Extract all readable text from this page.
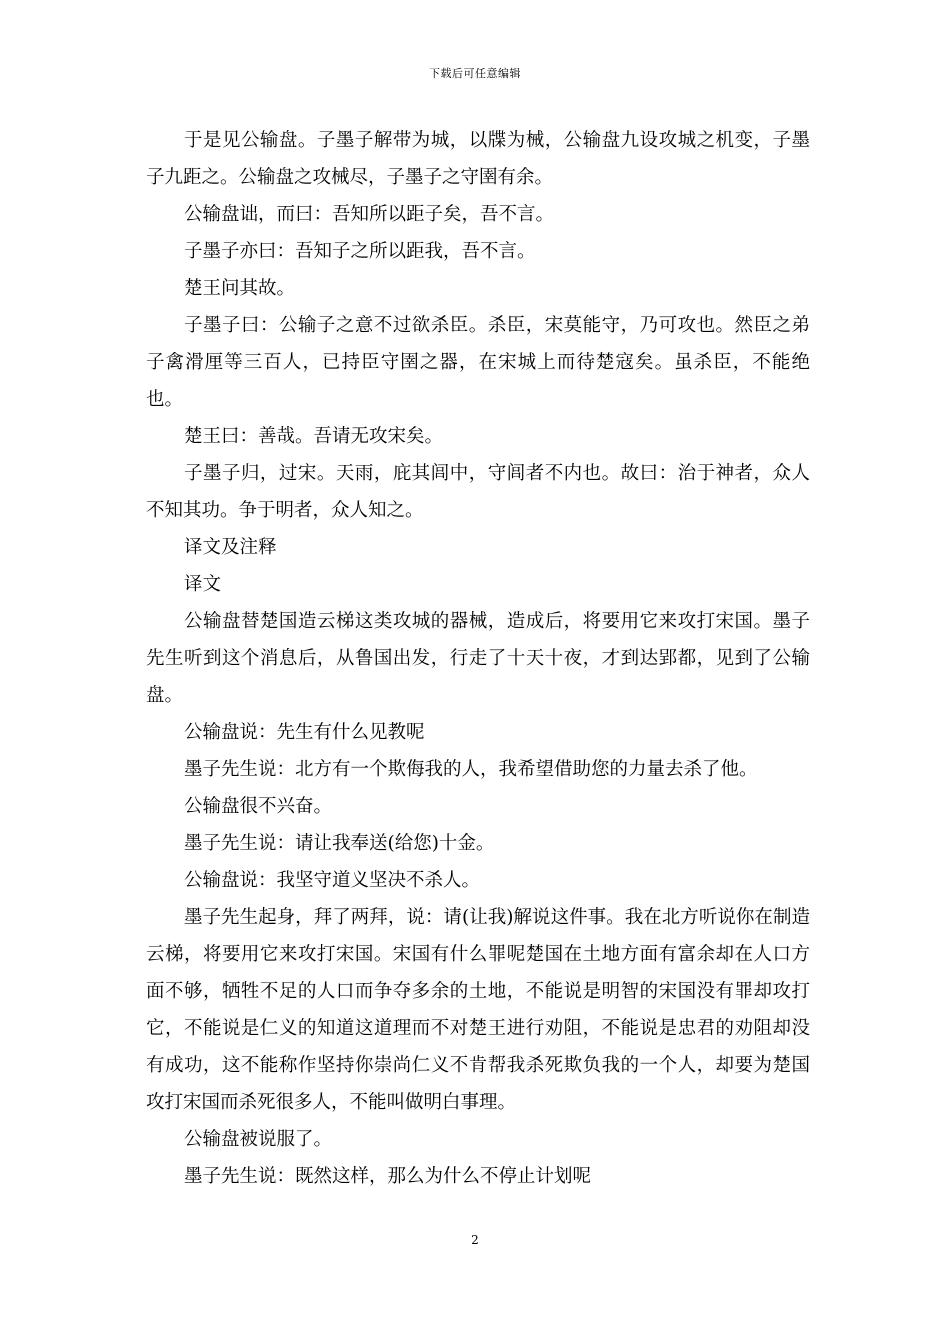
下载后可任意编辑

于是见公输盘。子墨子解带为城，以牒为械，公输盘九设攻城之机变，子墨子九距之。公输盘之攻械尽，子墨子之守圉有余。

公输盘诎，而曰：吾知所以距子矣，吾不言。

子墨子亦曰：吾知子之所以距我，吾不言。

楚王问其故。

子墨子曰：公输子之意不过欲杀臣。杀臣，宋莫能守，乃可攻也。然臣之弟子禽滑厘等三百人，已持臣守圉之器，在宋城上而待楚寇矣。虽杀臣，不能绝也。

楚王曰：善哉。吾请无攻宋矣。

子墨子归，过宋。天雨，庇其闾中，守闾者不内也。故曰：治于神者，众人不知其功。争于明者，众人知之。

译文及注释

译文

公输盘替楚国造云梯这类攻城的器械，造成后，将要用它来攻打宋国。墨子先生听到这个消息后，从鲁国出发，行走了十天十夜，才到达郢都，见到了公输盘。

公输盘说：先生有什么见教呢

墨子先生说：北方有一个欺侮我的人，我希望借助您的力量去杀了他。

公输盘很不兴奋。

墨子先生说：请让我奉送(给您)十金。

公输盘说：我坚守道义坚决不杀人。

墨子先生起身，拜了两拜，说：请(让我)解说这件事。我在北方听说你在制造云梯，将要用它来攻打宋国。宋国有什么罪呢楚国在土地方面有富余却在人口方面不够，牺牲不足的人口而争夺多余的土地，不能说是明智的宋国没有罪却攻打它，不能说是仁义的知道这道理而不对楚王进行劝阻，不能说是忠君的劝阻却没有成功，这不能称作坚持你崇尚仁义不肯帮我杀死欺负我的一个人，却要为楚国攻打宋国而杀死很多人，不能叫做明白事理。

公输盘被说服了。

墨子先生说：既然这样，那么为什么不停止计划呢

2
